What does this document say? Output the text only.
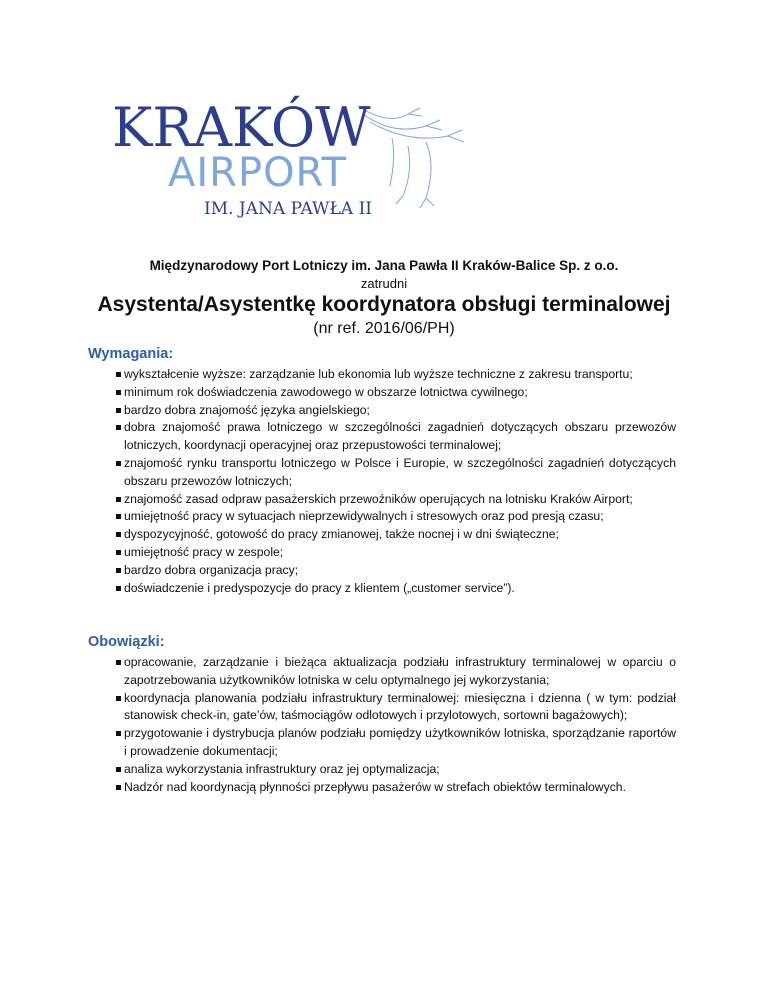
KRAKÓW
AIRPORT
IM. JANA PAWŁA II
Międzynarodowy Port Lotniczy im. Jana Pawła II Kraków-Balice Sp. z o.o.
zatrudni
Asystenta/Asystentkę koordynatora obsługi terminalowej
(nr ref. 2016/06/PH)
Wymagania:
wykształcenie wyższe: zarządzanie lub ekonomia lub wyższe techniczne z zakresu transportu;
minimum rok doświadczenia zawodowego w obszarze lotnictwa cywilnego;
bardzo dobra znajomość języka angielskiego;
dobra znajomość prawa lotniczego w szczególności zagadnień dotyczących obszaru przewozów lotniczych, koordynacji operacyjnej oraz przepustowości terminalowej;
znajomość rynku transportu lotniczego w Polsce i Europie, w szczególności zagadnień dotyczących obszaru przewozów lotniczych;
znajomość zasad odpraw pasażerskich przewoźników operujących na lotnisku Kraków Airport;
umiejętność pracy w sytuacjach nieprzewidywalnych i stresowych oraz pod presją czasu;
dyspozycyjność, gotowość do pracy zmianowej, także nocnej i w dni świąteczne;
umiejętność pracy w zespole;
bardzo dobra organizacja pracy;
doświadczenie i predyspozycje do pracy z klientem („customer service”).
Obowiązki:
opracowanie, zarządzanie i bieżąca aktualizacja podziału infrastruktury terminalowej w oparciu o zapotrzebowania użytkowników lotniska w celu optymalnego jej wykorzystania;
koordynacja planowania podziału infrastruktury terminalowej: miesięczna i dzienna ( w tym: podział stanowisk check-in, gate’ów, taśmociągów odlotowych i przylotowych, sortowni bagażowych);
przygotowanie i dystrybucja planów podziału pomiędzy użytkowników lotniska, sporządzanie raportów i prowadzenie dokumentacji;
analiza wykorzystania infrastruktury oraz jej optymalizacja;
Nadzór nad koordynacją płynności przepływu pasażerów w strefach obiektów terminalowych.
